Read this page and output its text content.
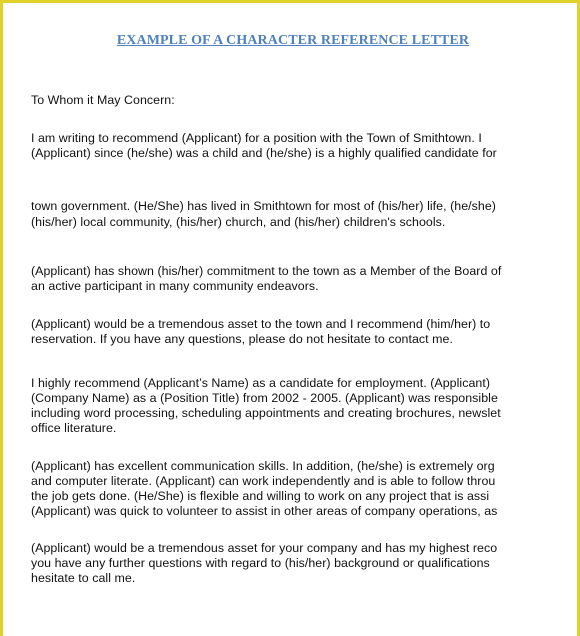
EXAMPLE OF A CHARACTER REFERENCE LETTER
To Whom it May Concern:
I am writing to recommend (Applicant) for a position with the Town of Smithtown. I
(Applicant) since (he/she) was a child and (he/she) is a highly qualified candidate for
town government. (He/She) has lived in Smithtown for most of (his/her) life, (he/she)
(his/her) local community, (his/her) church, and (his/her) children's schools.
(Applicant) has shown (his/her) commitment to the town as a Member of the Board of
an active participant in many community endeavors.
(Applicant) would be a tremendous asset to the town and I recommend (him/her) to
reservation. If you have any questions, please do not hesitate to contact me.
I highly recommend (Applicant’s Name) as a candidate for employment. (Applicant)
(Company Name) as a (Position Title) from 2002 - 2005. (Applicant) was responsible
including word processing, scheduling appointments and creating brochures, newslet
office literature.
(Applicant) has excellent communication skills. In addition, (he/she) is extremely org
and computer literate. (Applicant) can work independently and is able to follow throu
the job gets done. (He/She) is flexible and willing to work on any project that is assi
(Applicant) was quick to volunteer to assist in other areas of company operations, as
(Applicant) would be a tremendous asset for your company and has my highest reco
you have any further questions with regard to (his/her) background or qualifications
hesitate to call me.
